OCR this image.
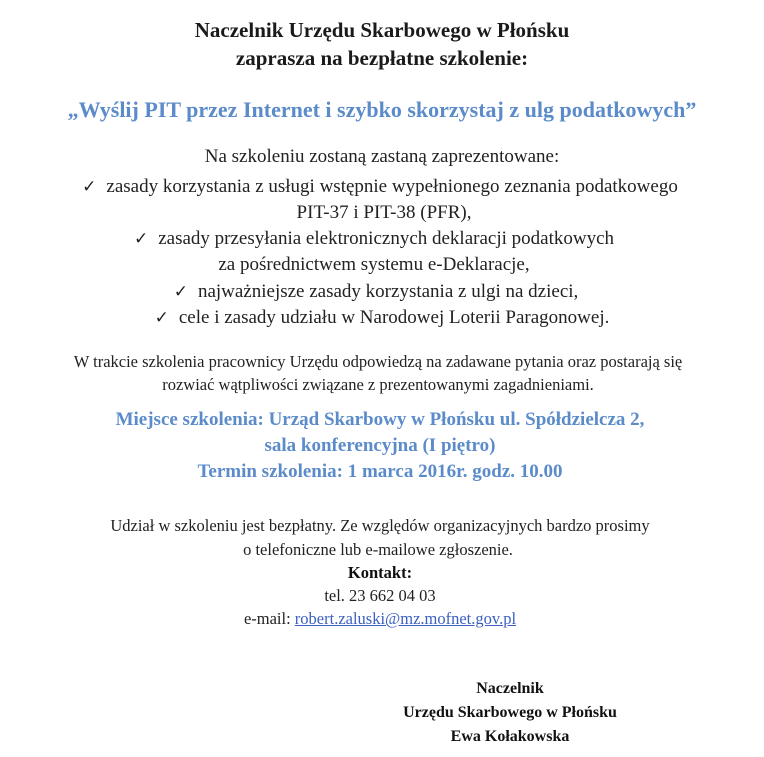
Naczelnik Urzędu Skarbowego w Płońsku
zaprasza na bezpłatne szkolenie:
„Wyślij PIT przez Internet i szybko skorzystaj z ulg podatkowych”
Na szkoleniu zostaną zastaną zaprezentowane:
✓ zasady korzystania z usługi wstępnie wypełnionego zeznania podatkowego
PIT-37 i PIT-38 (PFR),
✓ zasady przesyłania elektronicznych deklaracji podatkowych
za pośrednictwem systemu e-Deklaracje,
✓ najważniejsze zasady korzystania z ulgi na dzieci,
✓ cele i zasady udziału w Narodowej Loterii Paragonowej.
W trakcie szkolenia pracownicy Urzędu odpowiedzą na zadawane pytania oraz postarają się
rozwiać wątpliwości związane z prezentowanymi zagadnieniami.
Miejsce szkolenia: Urząd Skarbowy w Płońsku ul. Spółdzielcza 2,
sala konferencyjna (I piętro)
Termin szkolenia: 1 marca 2016r. godz. 10.00
Udział w szkoleniu jest bezpłatny. Ze względów organizacyjnych bardzo prosimy
o telefoniczne lub e-mailowe zgłoszenie.
Kontakt:
tel. 23 662 04 03
e-mail: robert.zaluski@mz.mofnet.gov.pl
Naczelnik
Urzędu Skarbowego w Płońsku
Ewa Kołakowska
